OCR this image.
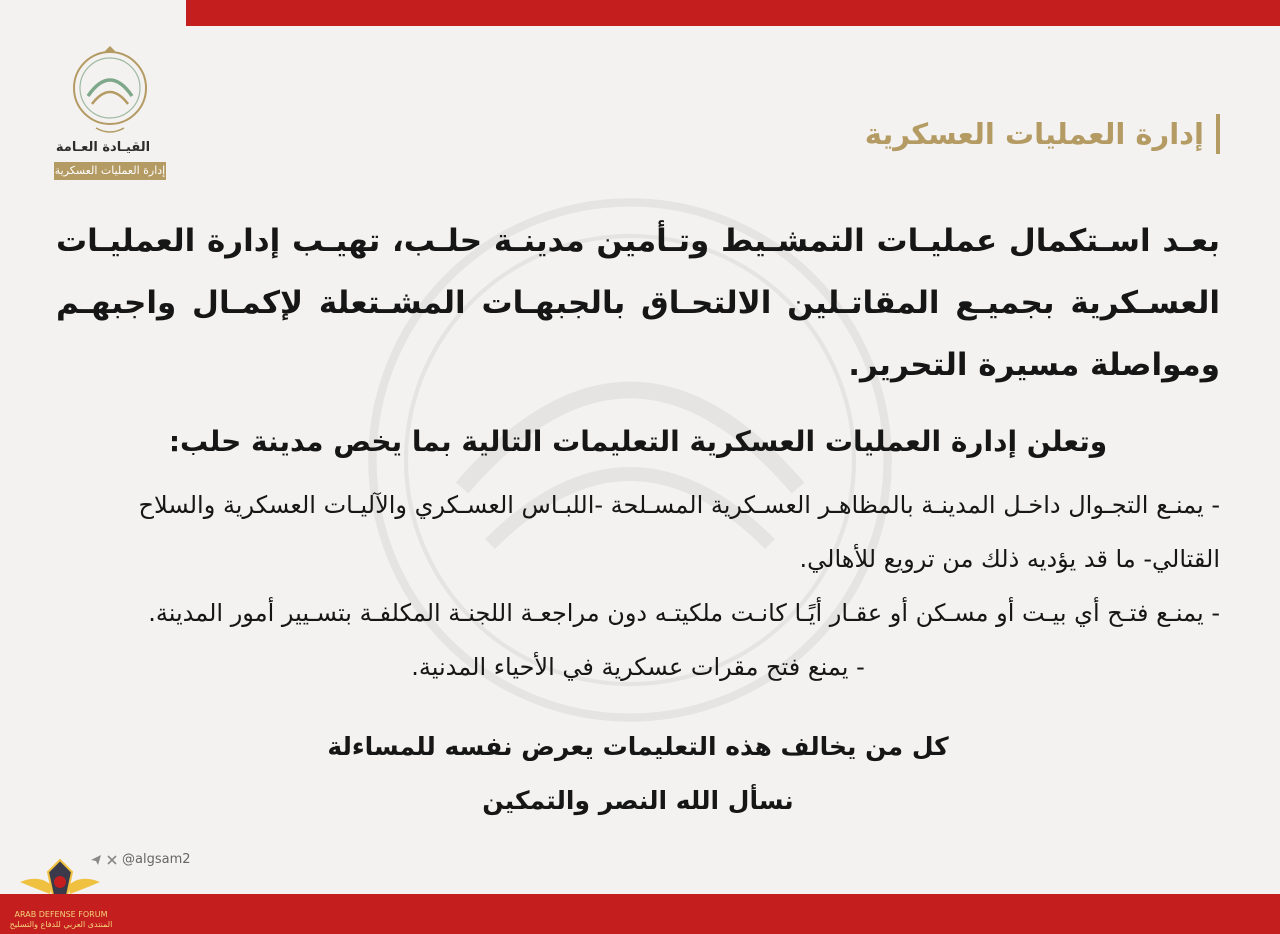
القيـادة العـامة
إدارة العمليات العسكرية
إدارة العمليات العسكرية

بعـد اسـتكمال عمليـات التمشـيط وتـأمين مدينـة حلـب، تهيـب إدارة العمليـات العسـكرية بجميـع المقاتـلين الالتحـاق بالجبهـات المشـتعلة لإكمـال واجبهـم ومواصلة مسيرة التحرير.

وتعلن إدارة العمليات العسكرية التعليمات التالية بما يخص مدينة حلب:

- يمنـع التجـوال داخـل المدينـة بالمظاهـر العسـكرية المسـلحة -اللبـاس العسـكري والآليـات العسكرية والسلاح القتالي- ما قد يؤديه ذلك من ترويع للأهالي.

- يمنـع فتـح أي بيـت أو مسـكن أو عقـار أيًـا كانـت ملكيتـه دون مراجعـة اللجنـة المكلفـة بتسـيير أمور المدينة.

- يمنع فتح مقرات عسكرية في الأحياء المدنية.

كل من يخالف هذه التعليمات يعرض نفسه للمساءلة

نسأل الله النصر والتمكين

@algsam2
ARAB DEFENSE FORUM
المنتدى العربي للدفاع والتسليح
